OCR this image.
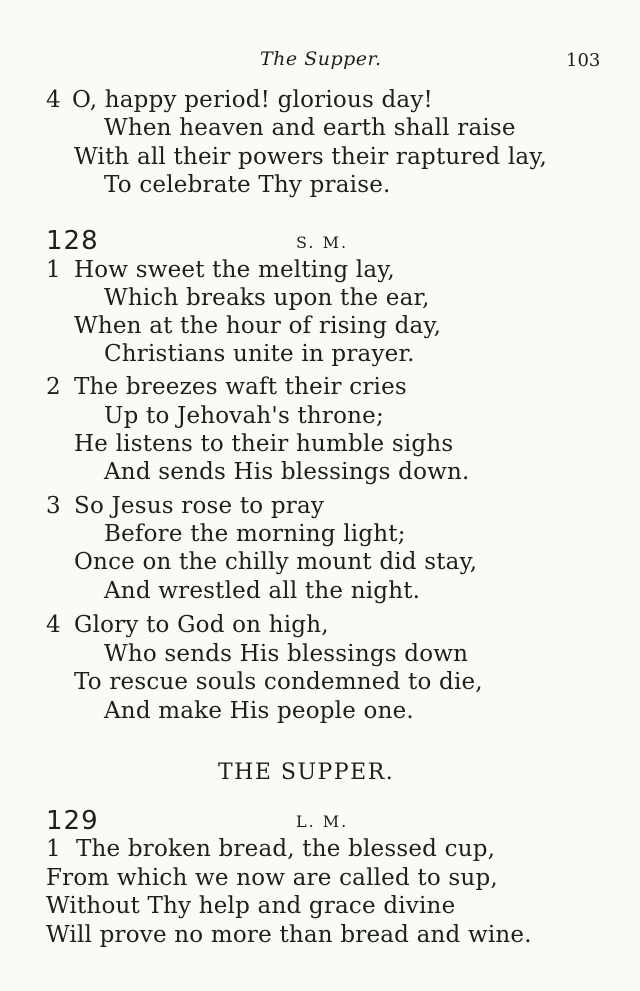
The Supper.	103
4 O, happy period! glorious day!
When heaven and earth shall raise
With all their powers their raptured lay,
To celebrate Thy praise.
128	S. M.
1 How sweet the melting lay,
Which breaks upon the ear,
When at the hour of rising day,
Christians unite in prayer.
2 The breezes waft their cries
Up to Jehovah's throne;
He listens to their humble sighs
And sends His blessings down.
3 So Jesus rose to pray
Before the morning light;
Once on the chilly mount did stay,
And wrestled all the night.
4 Glory to God on high,
Who sends His blessings down
To rescue souls condemned to die,
And make His people one.
THE SUPPER.
129	L. M.
1 The broken bread, the blessed cup,
From which we now are called to sup,
Without Thy help and grace divine
Will prove no more than bread and wine.
